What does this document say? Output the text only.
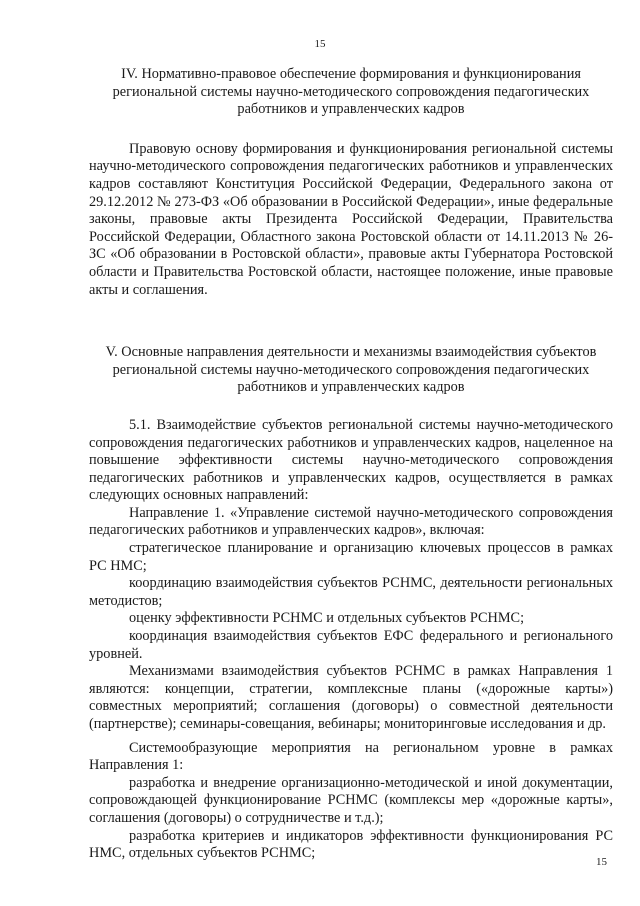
15

IV. Нормативно-правовое обеспечение формирования и функционирования региональной системы научно-методического сопровождения педагогических работников и управленческих кадров

Правовую основу формирования и функционирования региональной системы научно-методического сопровождения педагогических работников и управленческих кадров составляют Конституция Российской Федерации, Федерального закона от 29.12.2012 № 273-ФЗ «Об образовании в Российской Федерации», иные федеральные законы, правовые акты Президента Российской Федерации, Правительства Российской Федерации, Областного закона Ростовской области от 14.11.2013 № 26-ЗС «Об образовании в Ростовской области», правовые акты Губернатора Ростовской области и Правительства Ростовской области, настоящее положение, иные правовые акты и соглашения.

V. Основные направления деятельности и механизмы взаимодействия субъектов региональной системы научно-методического сопровождения педагогических работников и управленческих кадров

5.1. Взаимодействие субъектов региональной системы научно-методического сопровождения педагогических работников и управленческих кадров, нацеленное на повышение эффективности системы научно-методического сопровождения педагогических работников и управленческих кадров, осуществляется в рамках следующих основных направлений:

Направление 1. «Управление системой научно-методического сопровождения педагогических работников и управленческих кадров», включая:

стратегическое планирование и организацию ключевых процессов в рамках РС НМС;

координацию взаимодействия субъектов РСНМС, деятельности региональных методистов;

оценку эффективности РСНМС и отдельных субъектов РСНМС;

координация взаимодействия субъектов ЕФС федерального и регионального уровней.

Механизмами взаимодействия субъектов РСНМС в рамках Направления 1 являются: концепции, стратегии, комплексные планы («дорожные карты») совместных мероприятий; соглашения (договоры) о совместной деятельности (партнерстве); семинары-совещания, вебинары; мониторинговые исследования и др.

Системообразующие мероприятия на региональном уровне в рамках Направления 1:

разработка и внедрение организационно-методической и иной документации, сопровождающей функционирование РСНМС (комплексы мер «дорожные карты», соглашения (договоры) о сотрудничестве и т.д.);

разработка критериев и индикаторов эффективности функционирования РС НМС, отдельных субъектов РСНМС;

15
